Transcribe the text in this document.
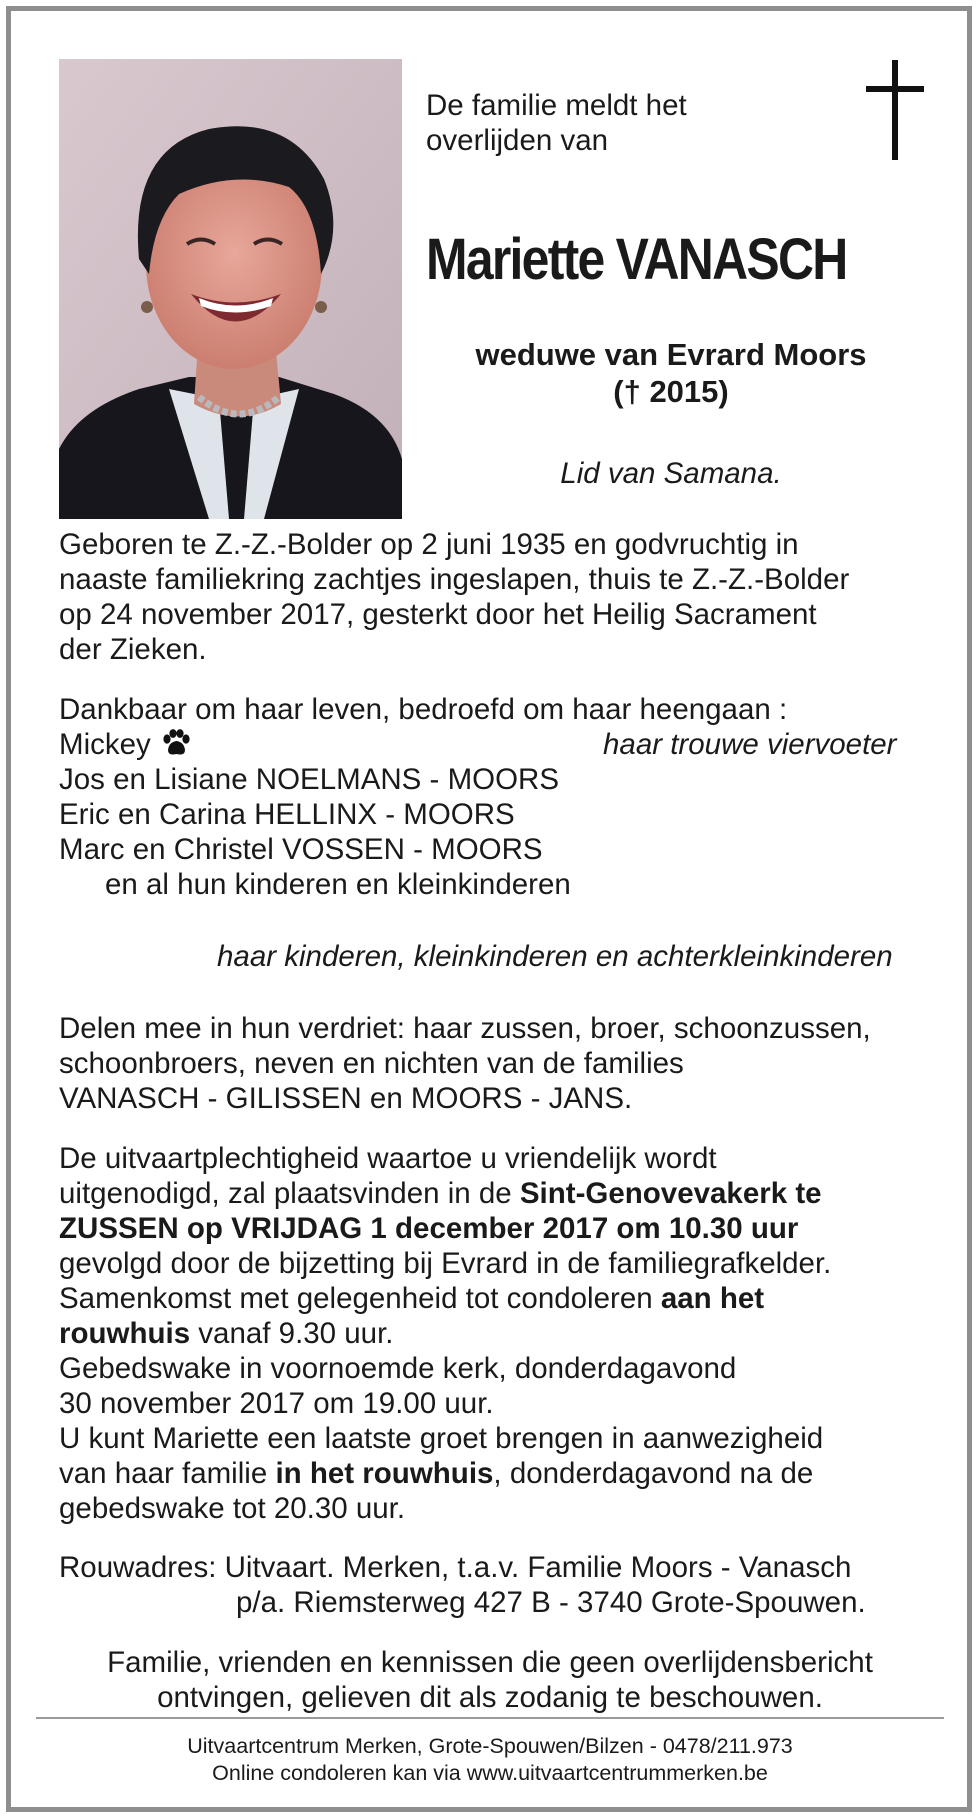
De familie meldt het

overlijden van

Mariette VANASCH

weduwe van Evrard Moors

(† 2015)

Lid van Samana.

Geboren te Z.-Z.-Bolder op 2 juni 1935 en godvruchtig in

naaste familiekring zachtjes ingeslapen, thuis te Z.-Z.-Bolder

op 24 november 2017, gesterkt door het Heilig Sacrament

der Zieken.

Dankbaar om haar leven, bedroefd om haar heengaan :

Mickey	haar trouwe viervoeter

Jos en Lisiane NOELMANS - MOORS

Eric en Carina HELLINX - MOORS

Marc en Christel VOSSEN - MOORS

en al hun kinderen en kleinkinderen

haar kinderen, kleinkinderen en achterkleinkinderen

Delen mee in hun verdriet: haar zussen, broer, schoonzussen,

schoonbroers, neven en nichten van de families

VANASCH - GILISSEN en MOORS - JANS.

De uitvaartplechtigheid waartoe u vriendelijk wordt

uitgenodigd, zal plaatsvinden in de Sint-Genovevakerk te

ZUSSEN op VRIJDAG 1 december 2017 om 10.30 uur

gevolgd door de bijzetting bij Evrard in de familiegrafkelder.

Samenkomst met gelegenheid tot condoleren aan het

rouwhuis vanaf 9.30 uur.

Gebedswake in voornoemde kerk, donderdagavond

30 november 2017 om 19.00 uur.

U kunt Mariette een laatste groet brengen in aanwezigheid

van haar familie in het rouwhuis, donderdagavond na de

gebedswake tot 20.30 uur.

Rouwadres: Uitvaart. Merken, t.a.v. Familie Moors - Vanasch

p/a. Riemsterweg 427 B - 3740 Grote-Spouwen.

Familie, vrienden en kennissen die geen overlijdensbericht

ontvingen, gelieven dit als zodanig te beschouwen.

Uitvaartcentrum Merken, Grote-Spouwen/Bilzen - 0478/211.973

Online condoleren kan via www.uitvaartcentrummerken.be
